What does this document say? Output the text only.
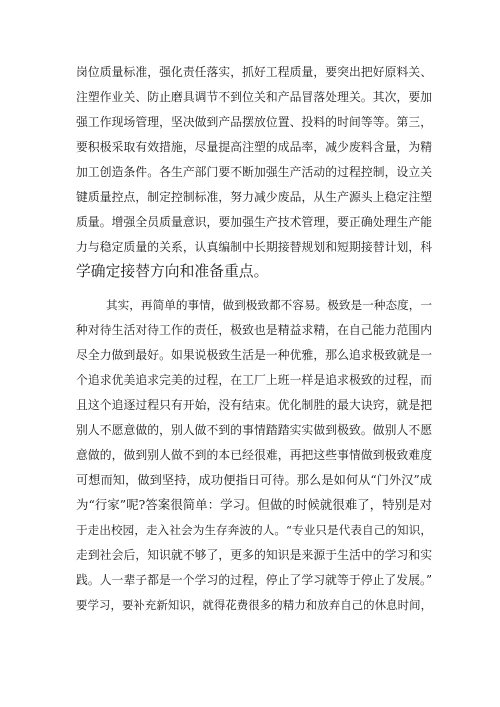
岗位质量标准，强化责任落实，抓好工程质量，要突出把好原料关、
注塑作业关、防止磨具调节不到位关和产品冒落处理关。其次，要加
强工作现场管理，坚决做到产品摆放位置、投料的时间等等。第三，
要积极采取有效措施，尽量提高注塑的成品率，减少废料含量，为精
加工创造条件。各生产部门要不断加强生产活动的过程控制，设立关
键质量控点，制定控制标准，努力减少废品，从生产源头上稳定注塑
质量。增强全员质量意识，要加强生产技术管理，要正确处理生产能
力与稳定质量的关系，认真编制中长期接替规划和短期接替计划，科
学确定接替方向和准备重点。
其实，再简单的事情，做到极致都不容易。极致是一种态度，一
种对待生活对待工作的责任，极致也是精益求精，在自己能力范围内
尽全力做到最好。如果说极致生活是一种优雅，那么追求极致就是一
个追求优美追求完美的过程，在工厂上班一样是追求极致的过程，而
且这个追逐过程只有开始，没有结束。优化制胜的最大诀窍，就是把
别人不愿意做的，别人做不到的事情踏踏实实做到极致。做别人不愿
意做的，做到别人做不到的本已经很难，再把这些事情做到极致难度
可想而知，做到坚持，成功便指日可待。那么是如何从“门外汉”成
为“行家”呢?答案很简单：学习。但做的时候就很难了，特别是对
于走出校园，走入社会为生存奔波的人。“专业只是代表自己的知识，
走到社会后，知识就不够了，更多的知识是来源于生活中的学习和实
践。人一辈子都是一个学习的过程，停止了学习就等于停止了发展。”
要学习，要补充新知识，就得花费很多的精力和放弃自己的休息时间，
